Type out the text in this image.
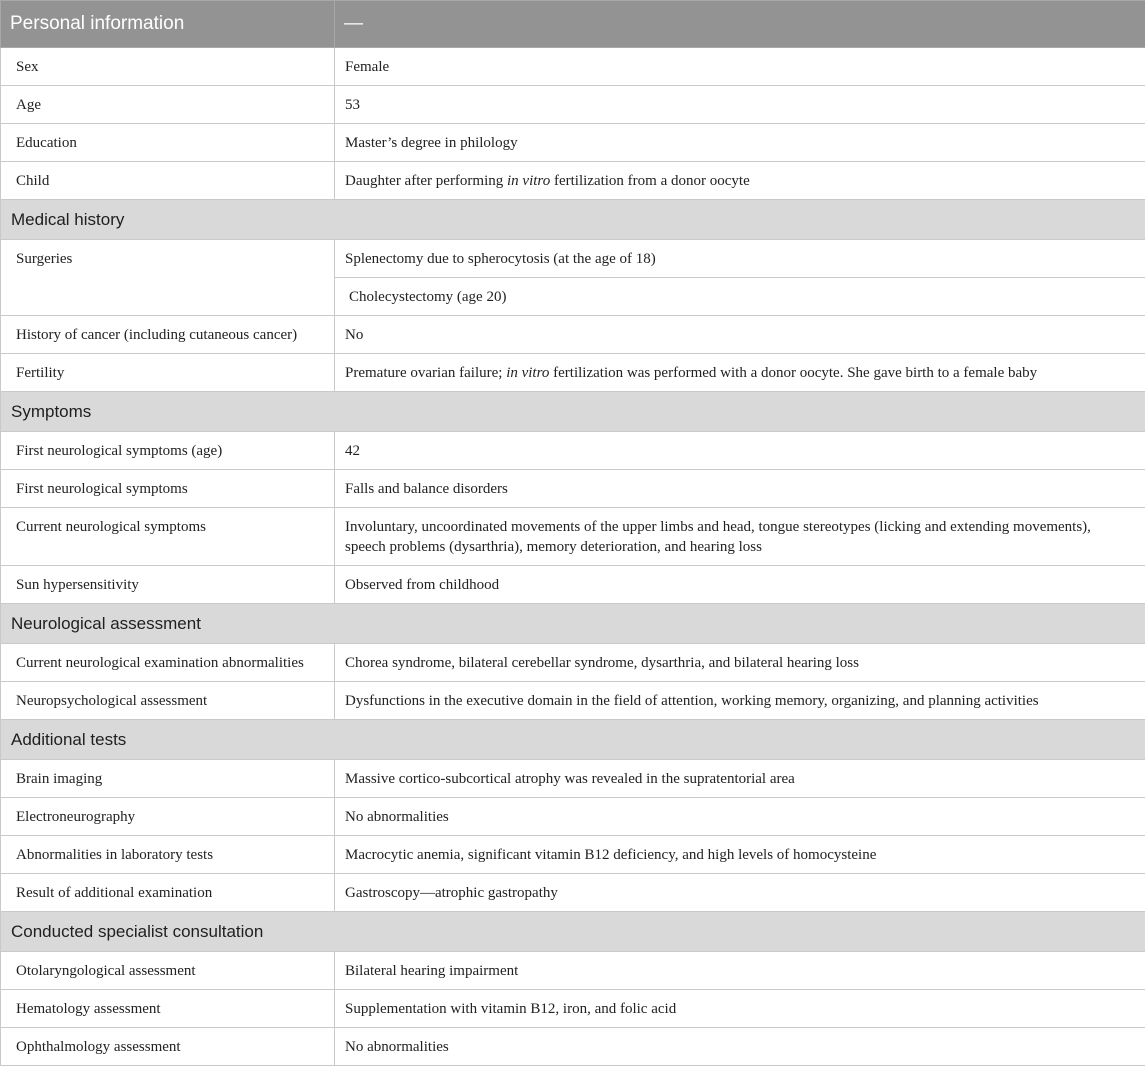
Personal information	—
Sex	Female
Age	53
Education	Master’s degree in philology
Child	Daughter after performing in vitro fertilization from a donor oocyte
Medical history	
Surgeries	Splenectomy due to spherocytosis (at the age of 18)
	Cholecystectomy (age 20)
History of cancer (including cutaneous cancer)	No
Fertility	Premature ovarian failure; in vitro fertilization was performed with a donor oocyte. She gave birth to a female baby
Symptoms	
First neurological symptoms (age)	42
First neurological symptoms	Falls and balance disorders
Current neurological symptoms	Involuntary, uncoordinated movements of the upper limbs and head, tongue stereotypes (licking and extending movements), speech problems (dysarthria), memory deterioration, and hearing loss
Sun hypersensitivity	Observed from childhood
Neurological assessment	
Current neurological examination abnormalities	Chorea syndrome, bilateral cerebellar syndrome, dysarthria, and bilateral hearing loss
Neuropsychological assessment	Dysfunctions in the executive domain in the field of attention, working memory, organizing, and planning activities
Additional tests	
Brain imaging	Massive cortico-subcortical atrophy was revealed in the supratentorial area
Electroneurography	No abnormalities
Abnormalities in laboratory tests	Macrocytic anemia, significant vitamin B12 deficiency, and high levels of homocysteine
Result of additional examination	Gastroscopy—atrophic gastropathy
Conducted specialist consultation	
Otolaryngological assessment	Bilateral hearing impairment
Hematology assessment	Supplementation with vitamin B12, iron, and folic acid
Ophthalmology assessment	No abnormalities
